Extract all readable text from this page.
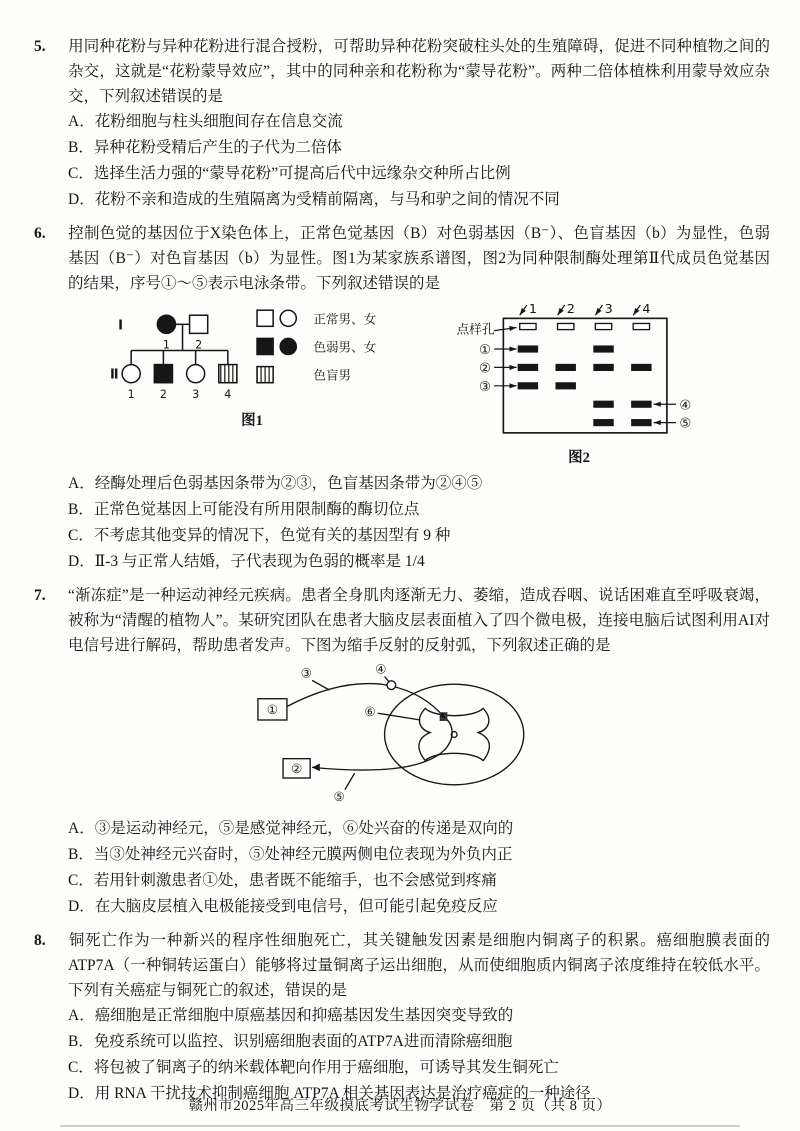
5. 用同种花粉与异种花粉进行混合授粉，可帮助异种花粉突破柱头处的生殖障碍，促进不同种植物之间的杂交，这就是“花粉蒙导效应”，其中的同种亲和花粉称为“蒙导花粉”。两种二倍体植株利用蒙导效应杂交，下列叙述错误的是
A．花粉细胞与柱头细胞间存在信息交流
B．异种花粉受精后产生的子代为二倍体
C．选择生活力强的“蒙导花粉”可提高后代中远缘杂交种所占比例
D．花粉不亲和造成的生殖隔离为受精前隔离，与马和驴之间的情况不同
6. 控制色觉的基因位于X染色体上，正常色觉基因（B）对色弱基因（B⁻）、色盲基因（b）为显性，色弱基因（B⁻）对色盲基因（b）为显性。图1为某家族系谱图，图2为同种限制酶处理第Ⅱ代成员色觉基因的结果，序号①～⑤表示电泳条带。下列叙述错误的是
1 2
1 2 3 4
I
Ⅱ
正常男、女
色弱男、女
色盲男
图1
1 2 3 4
点样孔
①
②
③
④
⑤
图2
A．经酶处理后色弱基因条带为②③，色盲基因条带为②④⑤
B．正常色觉基因上可能没有所用限制酶的酶切位点
C．不考虑其他变异的情况下，色觉有关的基因型有 9 种
D．Ⅱ-3 与正常人结婚，子代表现为色弱的概率是 1/4
7. “渐冻症”是一种运动神经元疾病。患者全身肌肉逐渐无力、萎缩，造成吞咽、说话困难直至呼吸衰竭，被称为“清醒的植物人”。某研究团队在患者大脑皮层表面植入了四个微电极，连接电脑后试图利用AI对电信号进行解码，帮助患者发声。下图为缩手反射的反射弧，下列叙述正确的是
①
②
③	④
⑤
⑥
A．③是运动神经元，⑤是感觉神经元，⑥处兴奋的传递是双向的
B．当③处神经元兴奋时，⑤处神经元膜两侧电位表现为外负内正
C．若用针刺激患者①处，患者既不能缩手，也不会感觉到疼痛
D．在大脑皮层植入电极能接受到电信号，但可能引起免疫反应
8. 铜死亡作为一种新兴的程序性细胞死亡，其关键触发因素是细胞内铜离子的积累。癌细胞膜表面的 ATP7A（一种铜转运蛋白）能够将过量铜离子运出细胞，从而使细胞质内铜离子浓度维持在较低水平。下列有关癌症与铜死亡的叙述，错误的是
A．癌细胞是正常细胞中原癌基因和抑癌基因发生基因突变导致的
B．免疫系统可以监控、识别癌细胞表面的ATP7A进而清除癌细胞
C．将包被了铜离子的纳米载体靶向作用于癌细胞，可诱导其发生铜死亡
D．用 RNA 干扰技术抑制癌细胞 ATP7A 相关基因表达是治疗癌症的一种途径
赣州市2025年高三年级摸底考试生物学试卷　第 2 页（共 8 页）
